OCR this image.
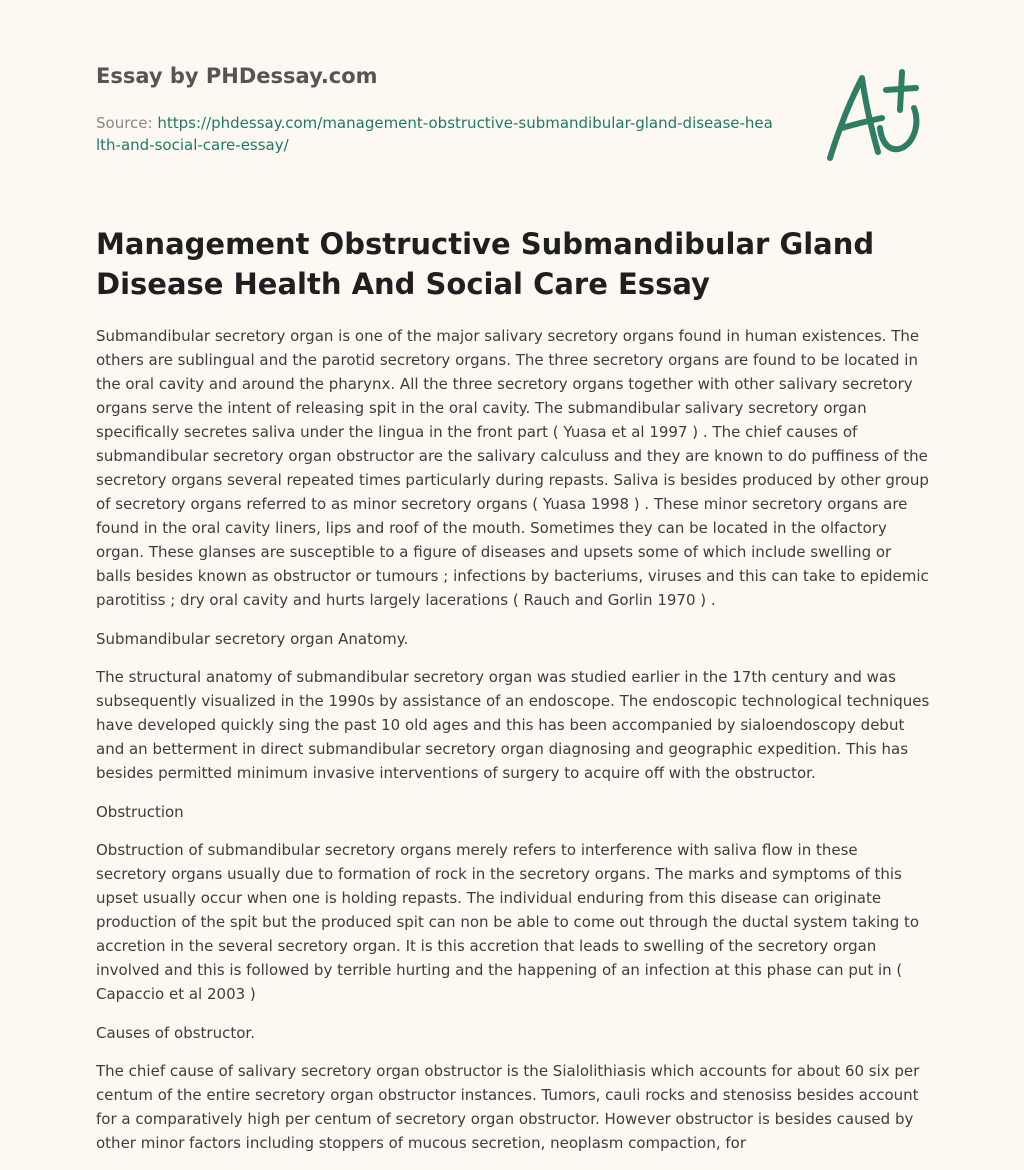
Essay by PHDessay.com

Source: https://phdessay.com/management-obstructive-submandibular-gland-disease-health-and-social-care-essay/

Management Obstructive Submandibular Gland Disease Health And Social Care Essay

Submandibular secretory organ is one of the major salivary secretory organs found in human existences. The others are sublingual and the parotid secretory organs. The three secretory organs are found to be located in the oral cavity and around the pharynx. All the three secretory organs together with other salivary secretory organs serve the intent of releasing spit in the oral cavity. The submandibular salivary secretory organ specifically secretes saliva under the lingua in the front part ( Yuasa et al 1997 ) . The chief causes of submandibular secretory organ obstructor are the salivary calculuss and they are known to do puffiness of the secretory organs several repeated times particularly during repasts. Saliva is besides produced by other group of secretory organs referred to as minor secretory organs ( Yuasa 1998 ) . These minor secretory organs are found in the oral cavity liners, lips and roof of the mouth. Sometimes they can be located in the olfactory organ. These glanses are susceptible to a figure of diseases and upsets some of which include swelling or balls besides known as obstructor or tumours ; infections by bacteriums, viruses and this can take to epidemic parotitiss ; dry oral cavity and hurts largely lacerations ( Rauch and Gorlin 1970 ) .

Submandibular secretory organ Anatomy.

The structural anatomy of submandibular secretory organ was studied earlier in the 17th century and was subsequently visualized in the 1990s by assistance of an endoscope. The endoscopic technological techniques have developed quickly sing the past 10 old ages and this has been accompanied by sialoendoscopy debut and an betterment in direct submandibular secretory organ diagnosing and geographic expedition. This has besides permitted minimum invasive interventions of surgery to acquire off with the obstructor.

Obstruction

Obstruction of submandibular secretory organs merely refers to interference with saliva flow in these secretory organs usually due to formation of rock in the secretory organs. The marks and symptoms of this upset usually occur when one is holding repasts. The individual enduring from this disease can originate production of the spit but the produced spit can non be able to come out through the ductal system taking to accretion in the several secretory organ. It is this accretion that leads to swelling of the secretory organ involved and this is followed by terrible hurting and the happening of an infection at this phase can put in ( Capaccio et al 2003 )

Causes of obstructor.

The chief cause of salivary secretory organ obstructor is the Sialolithiasis which accounts for about 60 six per centum of the entire secretory organ obstructor instances. Tumors, cauli rocks and stenosiss besides account for a comparatively high per centum of secretory organ obstructor. However obstructor is besides caused by other minor factors including stoppers of mucous secretion, neoplasm compaction, for
